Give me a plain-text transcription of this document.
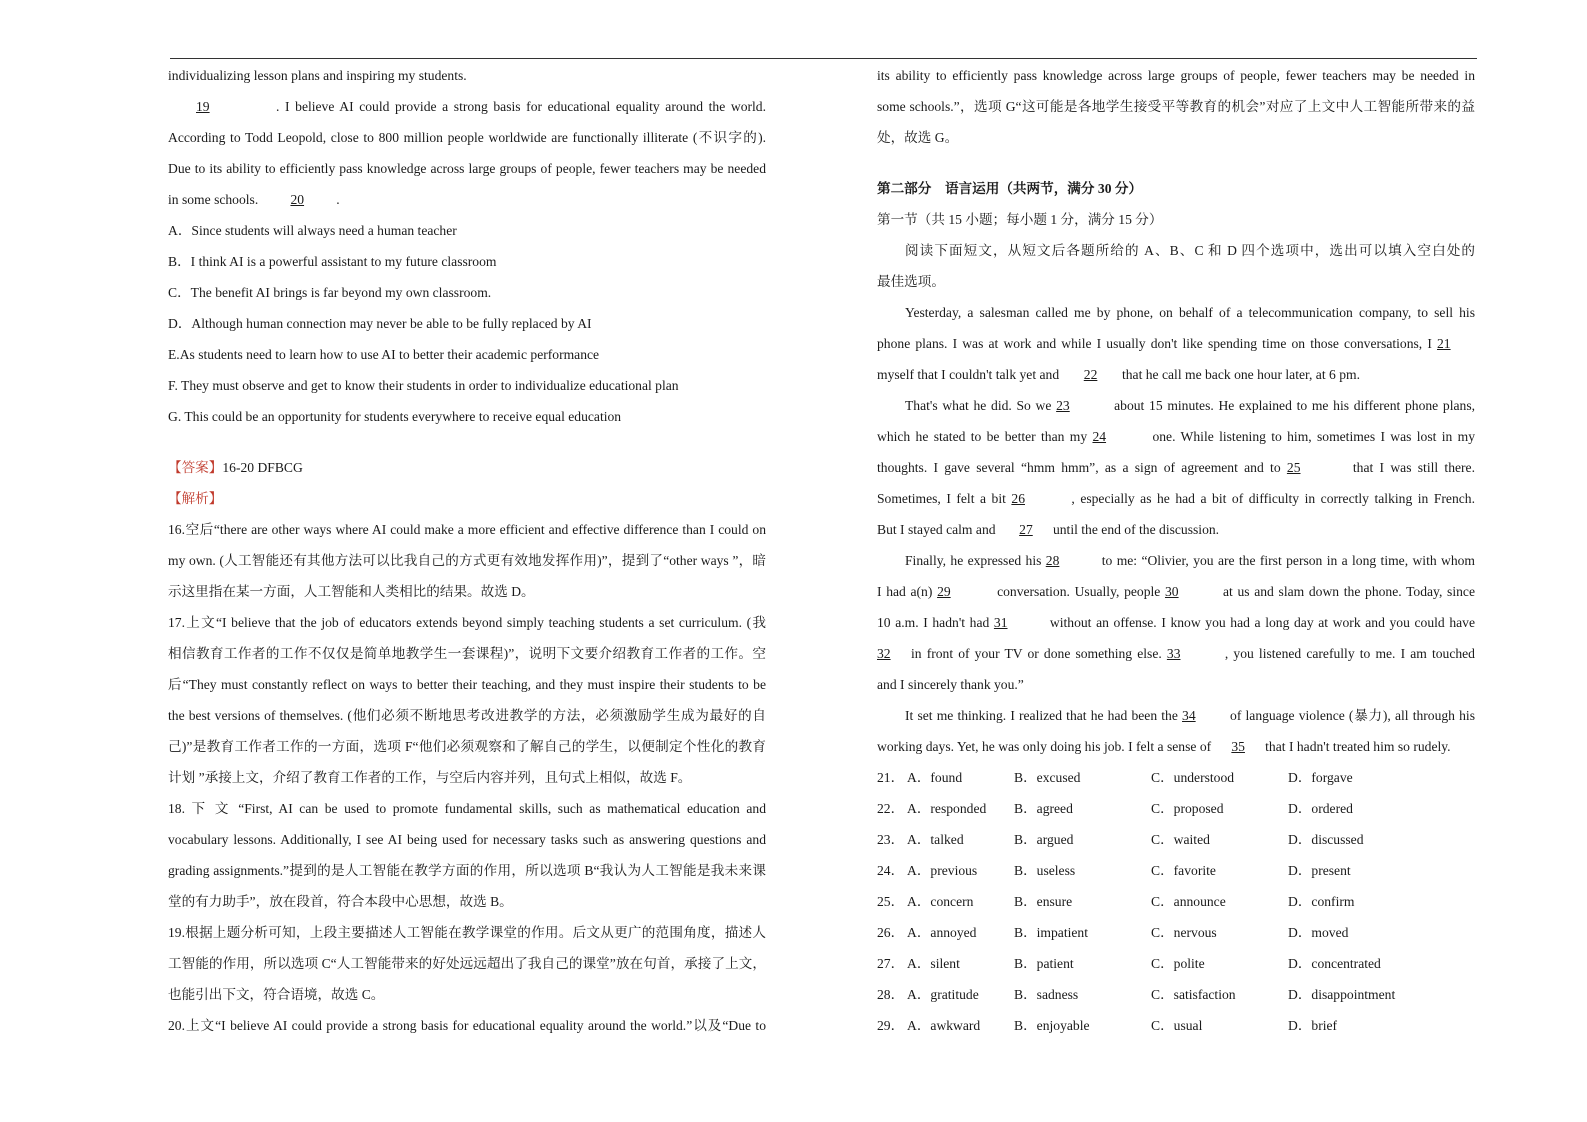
individualizing lesson plans and inspiring my students.
19	. I believe AI could provide a strong basis for educational equality around the world.
According to Todd Leopold, close to 800 million people worldwide are functionally illiterate (不识字的).
Due to its ability to efficiently pass knowledge across large groups of people, fewer teachers may be needed
in some schools. 20 .
A．Since students will always need a human teacher
B．I think AI is a powerful assistant to my future classroom
C．The benefit AI brings is far beyond my own classroom.
D．Although human connection may never be able to be fully replaced by AI
E.As students need to learn how to use AI to better their academic performance
F. They must observe and get to know their students in order to individualize educational plan
G. This could be an opportunity for students everywhere to receive equal education
【答案】16-20 DFBCG
【解析】
16.空后“there are other ways where AI could make a more efficient and effective difference than I could on
my own. (人工智能还有其他方法可以比我自己的方式更有效地发挥作用)”，提到了“other ways ”，暗
示这里指在某一方面，人工智能和人类相比的结果。故选 D。
17.上文“I believe that the job of educators extends beyond simply teaching students a set curriculum. (我
相信教育工作者的工作不仅仅是简单地教学生一套课程)”，说明下文要介绍教育工作者的工作。空
后“They must constantly reflect on ways to better their teaching, and they must inspire their students to be
the best versions of themselves. (他们必须不断地思考改进教学的方法，必须激励学生成为最好的自
己)”是教育工作者工作的一方面，选项 F“他们必须观察和了解自己的学生，以便制定个性化的教育
计划 ”承接上文，介绍了教育工作者的工作，与空后内容并列，且句式上相似，故选 F。
18. 下 文 “First, AI can be used to promote fundamental skills, such as mathematical education and
vocabulary lessons. Additionally, I see AI being used for necessary tasks such as answering questions and
grading assignments.”提到的是人工智能在教学方面的作用，所以选项 B“我认为人工智能是我未来课
堂的有力助手”，放在段首，符合本段中心思想，故选 B。
19.根据上题分析可知，上段主要描述人工智能在教学课堂的作用。后文从更广的范围角度，描述人
工智能的作用，所以选项 C“人工智能带来的好处远远超出了我自己的课堂”放在句首，承接了上文，
也能引出下文，符合语境，故选 C。
20.上文“I believe AI could provide a strong basis for educational equality around the world.”以及“Due to
its ability to efficiently pass knowledge across large groups of people, fewer teachers may be needed in
some schools.”，选项 G“这可能是各地学生接受平等教育的机会”对应了上文中人工智能所带来的益
处，故选 G。
第二部分　语言运用（共两节，满分 30 分）
第一节（共 15 小题；每小题 1 分，满分 15 分）
阅读下面短文，从短文后各题所给的 A、B、C 和 D 四个选项中，选出可以填入空白处的
最佳选项。
Yesterday, a salesman called me by phone, on behalf of a telecommunication company, to sell his
phone plans. I was at work and while I usually don't like spending time on those conversations, I 21
myself that I couldn't talk yet and 22 that he call me back one hour later, at 6 pm.
That's what he did. So we 23	about 15 minutes. He explained to me his different phone plans,
which he stated to be better than my 24	one. While listening to him, sometimes I was lost in my
thoughts. I gave several “hmm hmm”, as a sign of agreement and to 25	that I was still there.
Sometimes, I felt a bit 26	, especially as he had a bit of difficulty in correctly talking in French.
But I stayed calm and 27 until the end of the discussion.
Finally, he expressed his 28	to me: “Olivier, you are the first person in a long time, with whom
I had a(n) 29	conversation. Usually, people 30	at us and slam down the phone. Today, since
10 a.m. I hadn't had 31	without an offense. I know you had a long day at work and you could have
32 in front of your TV or done something else. 33	, you listened carefully to me. I am touched
and I sincerely thank you.”
It set me thinking. I realized that he had been the 34	of language violence (暴力), all through his
working days. Yet, he was only doing his job. I felt a sense of 35 that I hadn't treated him so rudely.
21． A．found	B．excused	C．understood	D．forgave
22． A．responded	B．agreed	C．proposed	D．ordered
23． A．talked	B．argued	C．waited	D．discussed
24． A．previous	B．useless	C．favorite	D．present
25． A．concern	B．ensure	C．announce	D．confirm
26． A．annoyed	B．impatient	C．nervous	D．moved
27． A．silent	B．patient	C．polite	D．concentrated
28． A．gratitude	B．sadness	C．satisfaction	D．disappointment
29． A．awkward	B．enjoyable	C．usual	D．brief
